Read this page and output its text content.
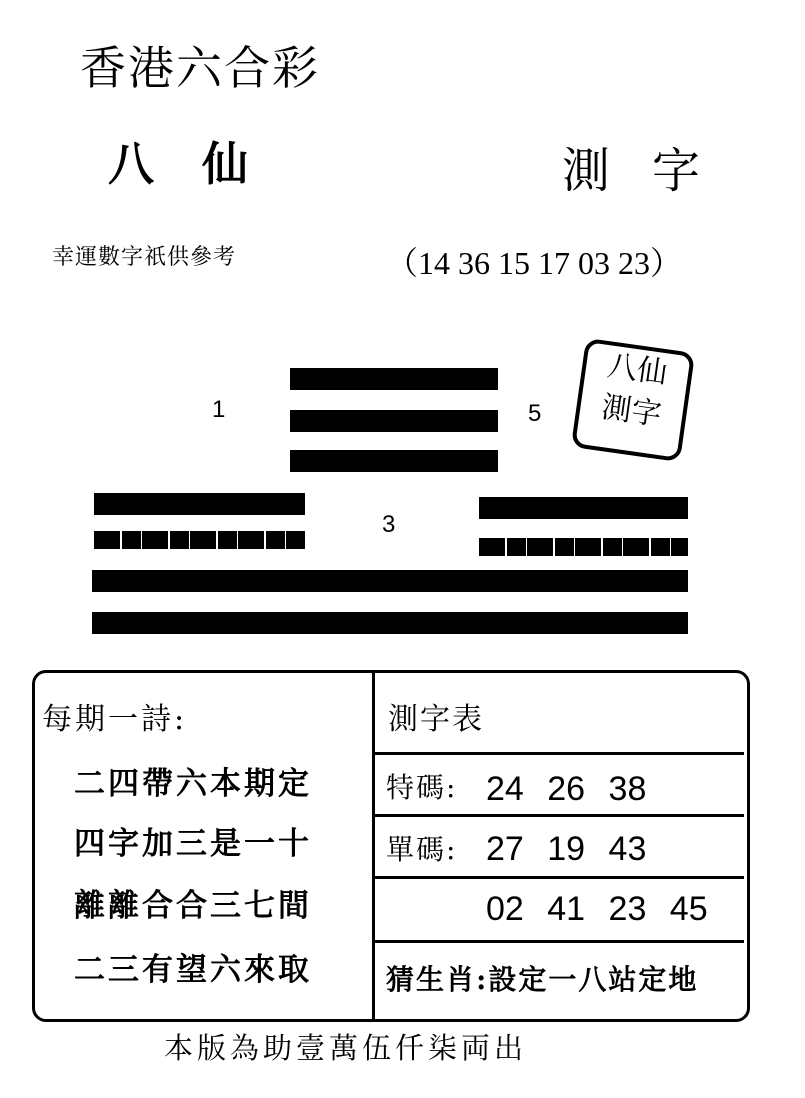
香港六合彩
八仙	測字
幸運數字祇供參考	（14 36 15 17 03 23）
1	5
3
八仙
測字
每期一詩:
二四帶六本期定
四字加三是一十
離離合合三七間
二三有望六來取
測字表
特碼: 24 26 38
單碼: 27 19 43
02 41 23 45
猜生肖:設定一八站定地
本版為助壹萬伍仟柒両出
